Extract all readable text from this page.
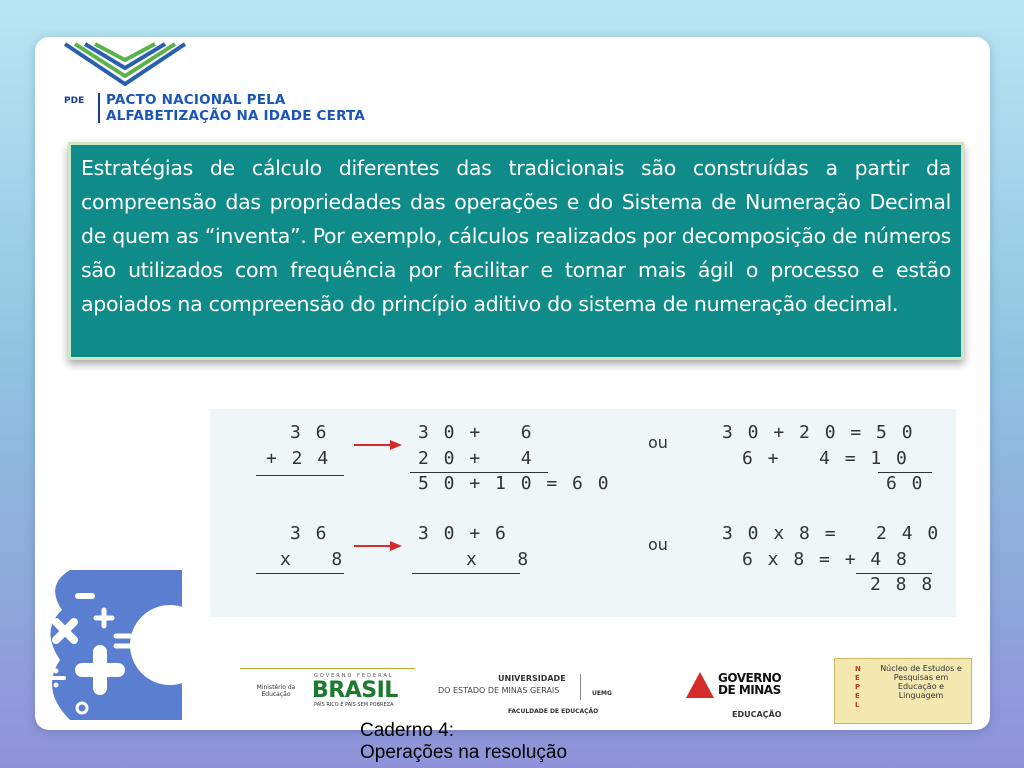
PDE PACTO NACIONAL PELA
ALFABETIZAÇÃO NA IDADE CERTA

Estratégias de cálculo diferentes das tradicionais são construídas a partir da compreensão das propriedades das operações e do Sistema de Numeração Decimal de quem as “inventa”. Por exemplo, cálculos realizados por decomposição de números são utilizados com frequência por facilitar e tornar mais ágil o processo e estão apoiados na compreensão do princípio aditivo do sistema de numeração decimal.

3 6
+ 2 4
3 0 +   6
2 0 +   4
5 0 + 1 0 = 6 0
ou	3 0 + 2 0 = 5 0
6 +   4 = 1 0
6 0
3 6
x   8
3 0 + 6
x   8
ou
3 0 x 8 =   2 4 0
6 x 8 = + 4 8
2 8 8
Ministério da Educação
GOVERNO FEDERAL
BRASIL
PAÍS RICO É PAÍS SEM POBREZA
UNIVERSIDADE
DO ESTADO DE MINAS GERAIS
FACULDADE DE EDUCAÇÃO
UEMG
GOVERNO
DE MINAS
EDUCAÇÃO
NEPEL
Núcleo de Estudos e Pesquisas em Educação e Linguagem
Caderno 4:
Operações na resolução
